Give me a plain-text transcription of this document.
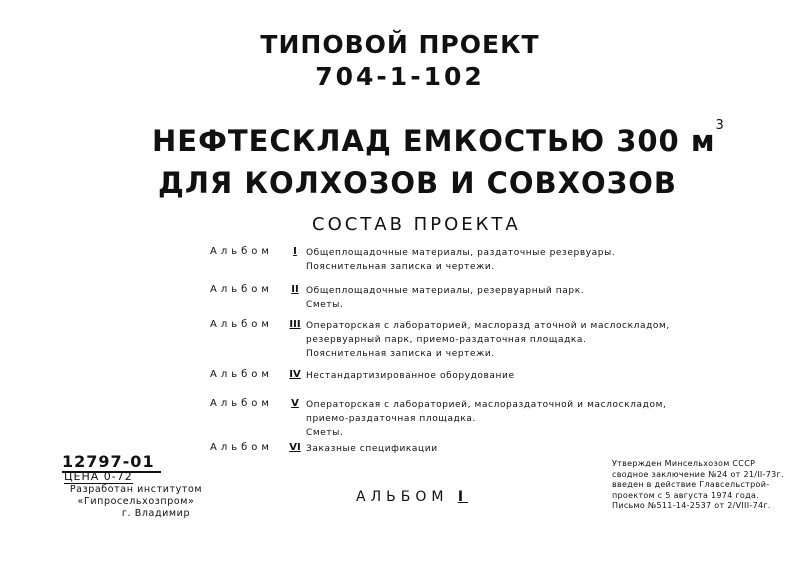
ТИПОВОЙ ПРОЕКТ
704-1-102
НЕФТЕСКЛАД ЕМКОСТЬЮ 300 $м^3$
ДЛЯ КОЛХОЗОВ И СОВХОЗОВ
СОСТАВ ПРОЕКТА
Альбом	I	Общеплощадочные материалы, раздаточные резервуары.
Пояснительная записка и чертежи.
Альбом	II Общеплощадочные материалы, резервуарный парк.
Сметы.
Альбом	III Операторская с лабораторией, маслоразд аточной и маслоскладом,
резервуарный парк, приемо-раздаточная площадка.
Пояснительная записка и чертежи.
Альбом	IV Нестандартизированное оборудование
Альбом	V Операторская с лабораторией, маслораздаточной и маслоскладом,
приемо-раздаточная площадка.
Сметы.
Альбом	VI Заказные спецификации
12797-01
ЦЕНА 0-72
Разработан институтом
«Гипросельхозпром»
г. Владимир
АЛЬБОМ I
Утвержден Минсельхозом СССР
сводное заключение №24 от 21/II-73г.
введен в действие Главсельстрой-
проектом с 5 августа 1974 года.
Письмо №511-14-2537 от 2/VIII-74г.
